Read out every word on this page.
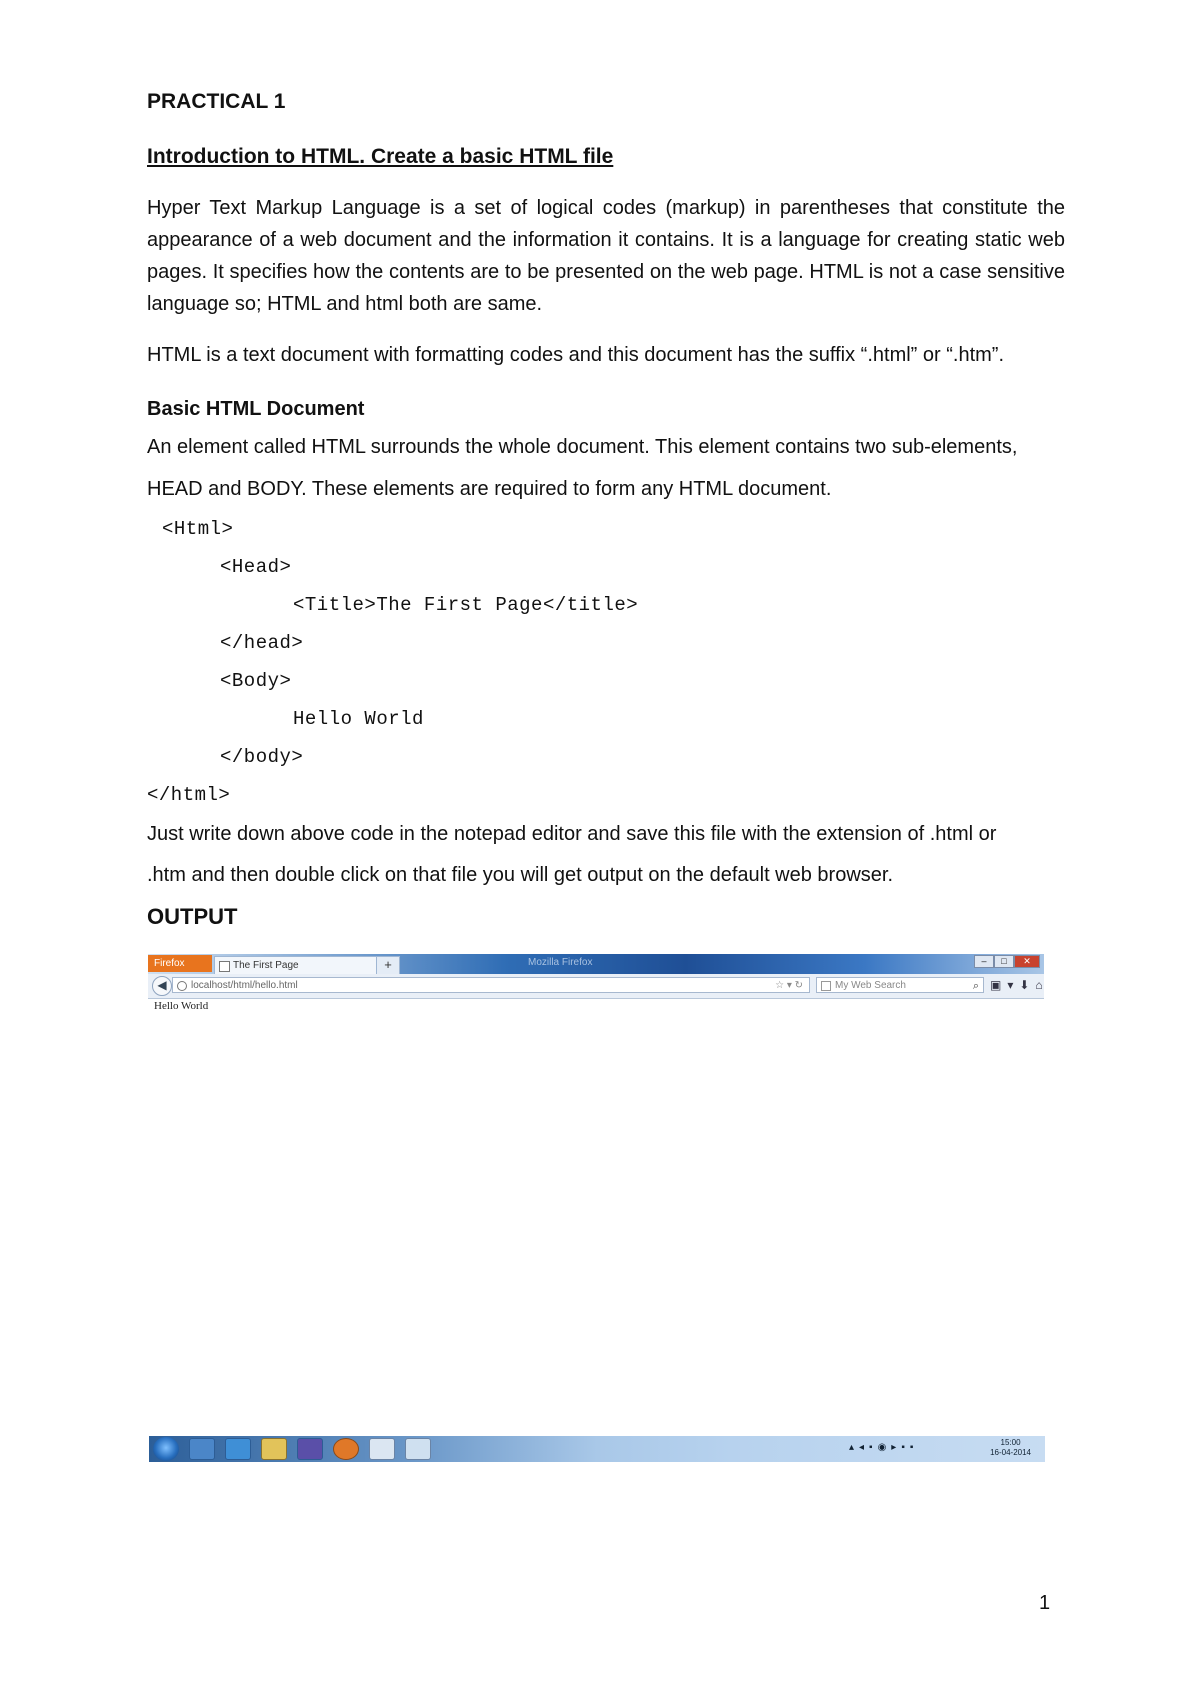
PRACTICAL 1
Introduction to HTML. Create a basic HTML file
Hyper Text Markup Language is a set of logical codes (markup) in parentheses that constitute the appearance of a web document and the information it contains. It is a language for creating static web pages. It specifies how the contents are to be presented on the web page. HTML is not a case sensitive language so; HTML and html both are same.
HTML is a text document with formatting codes and this document has the suffix “.html” or “.htm”.
Basic HTML Document
An element called HTML surrounds the whole document. This element contains two sub-elements,
HEAD and BODY. These elements are required to form any HTML document.
<Html>
<Head>
<Title>The First Page</title>
</head>
<Body>
Hello World
</body>
</html>
Just write down above code in the notepad editor and save this file with the extension of .html or
.htm and then double click on that file you will get output on the default web browser.
OUTPUT
Firefox	The First Page	+	Mozilla Firefox	– □ ✕
◀	localhost/html/hello.html	☆ ▾ ↻	My Web Search	⌕ ▣▾⬇⌂
Hello World
▴◂▪◉▸▪▪	15:00
16-04-2014
1
